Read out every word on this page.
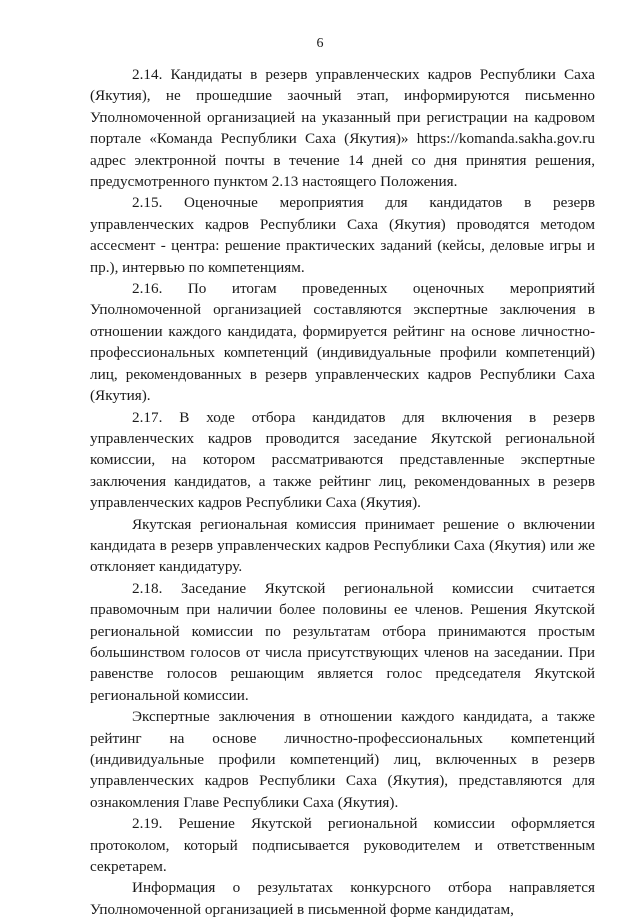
6

2.14. Кандидаты в резерв управленческих кадров Республики Саха (Якутия), не прошедшие заочный этап, информируются письменно Уполномоченной организацией на указанный при регистрации на кадровом портале «Команда Республики Саха (Якутия)» https://komanda.sakha.gov.ru адрес электронной почты в течение 14 дней со дня принятия решения, предусмотренного пунктом 2.13 настоящего Положения.

2.15. Оценочные мероприятия для кандидатов в резерв управленческих кадров Республики Саха (Якутия) проводятся методом ассесмент - центра: решение практических заданий (кейсы, деловые игры и пр.), интервью по компетенциям.

2.16. По итогам проведенных оценочных мероприятий Уполномоченной организацией составляются экспертные заключения в отношении каждого кандидата, формируется рейтинг на основе личностно-профессиональных компетенций (индивидуальные профили компетенций) лиц, рекомендованных в резерв управленческих кадров Республики Саха (Якутия).

2.17. В ходе отбора кандидатов для включения в резерв управленческих кадров проводится заседание Якутской региональной комиссии, на котором рассматриваются представленные экспертные заключения кандидатов, а также рейтинг лиц, рекомендованных в резерв управленческих кадров Республики Саха (Якутия).

Якутская региональная комиссия принимает решение о включении кандидата в резерв управленческих кадров Республики Саха (Якутия) или же отклоняет кандидатуру.

2.18. Заседание Якутской региональной комиссии считается правомочным при наличии более половины ее членов. Решения Якутской региональной комиссии по результатам отбора принимаются простым большинством голосов от числа присутствующих членов на заседании. При равенстве голосов решающим является голос председателя Якутской региональной комиссии.

Экспертные заключения в отношении каждого кандидата, а также рейтинг на основе личностно-профессиональных компетенций (индивидуальные профили компетенций) лиц, включенных в резерв управленческих кадров Республики Саха (Якутия), представляются для ознакомления Главе Республики Саха (Якутия).

2.19. Решение Якутской региональной комиссии оформляется протоколом, который подписывается руководителем и ответственным секретарем.

Информация о результатах конкурсного отбора направляется Уполномоченной организацией в письменной форме кандидатам,
